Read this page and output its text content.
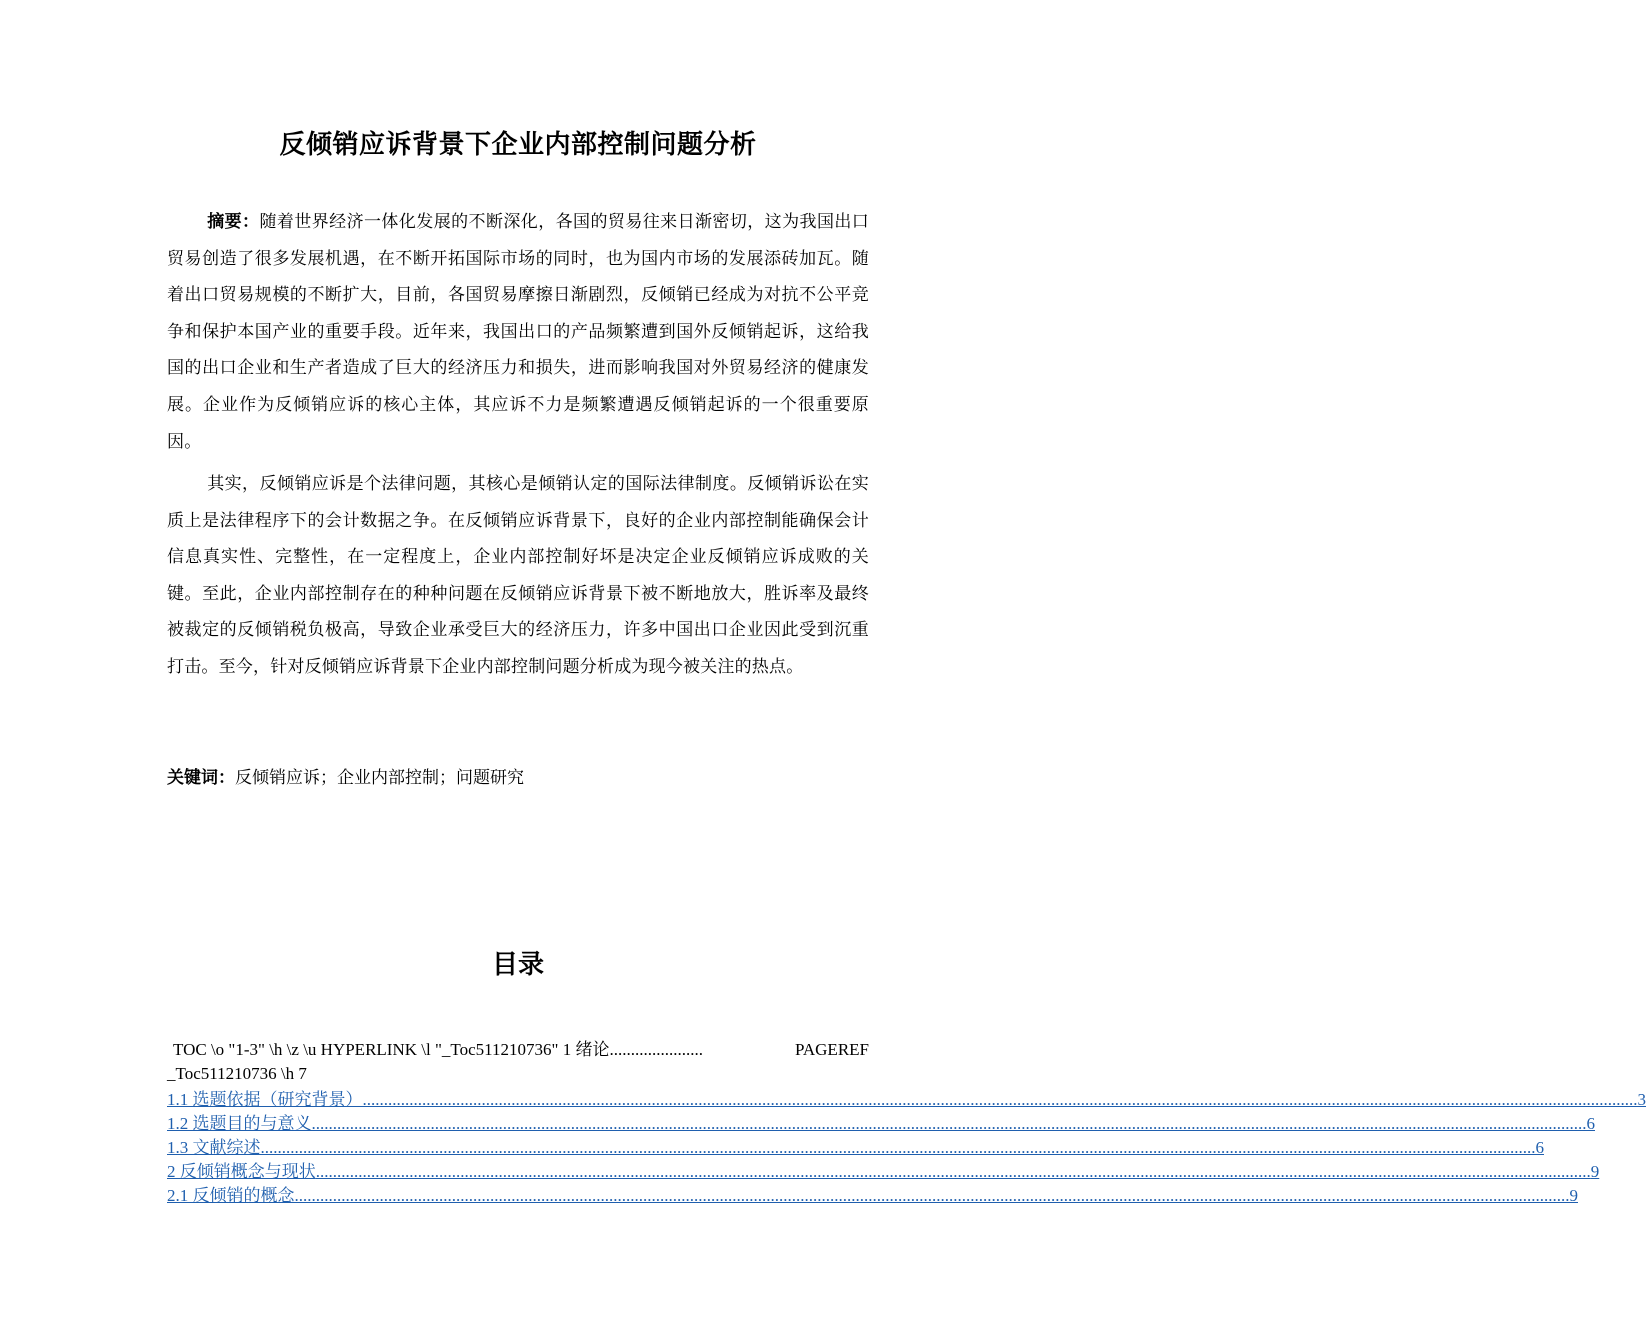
反倾销应诉背景下企业内部控制问题分析
摘要：随着世界经济一体化发展的不断深化，各国的贸易往来日渐密切，这为我国出口贸易创造了很多发展机遇，在不断开拓国际市场的同时，也为国内市场的发展添砖加瓦。随着出口贸易规模的不断扩大，目前，各国贸易摩擦日渐剧烈，反倾销已经成为对抗不公平竞争和保护本国产业的重要手段。近年来，我国出口的产品频繁遭到国外反倾销起诉，这给我国的出口企业和生产者造成了巨大的经济压力和损失，进而影响我国对外贸易经济的健康发展。企业作为反倾销应诉的核心主体，其应诉不力是频繁遭遇反倾销起诉的一个很重要原因。
其实，反倾销应诉是个法律问题，其核心是倾销认定的国际法律制度。反倾销诉讼在实质上是法律程序下的会计数据之争。在反倾销应诉背景下，良好的企业内部控制能确保会计信息真实性、完整性，在一定程度上，企业内部控制好坏是决定企业反倾销应诉成败的关键。至此，企业内部控制存在的种种问题在反倾销应诉背景下被不断地放大，胜诉率及最终被裁定的反倾销税负极高，导致企业承受巨大的经济压力，许多中国出口企业因此受到沉重打击。至今，针对反倾销应诉背景下企业内部控制问题分析成为现今被关注的热点。
关键词：反倾销应诉；企业内部控制；问题研究
目录
TOC \o "1-3" \h \z \u HYPERLINK \l "_Toc511210736" 1 绪论 ......................	PAGEREF
_Toc511210736 \h 7
1.1 选题依据（研究背景） ............................................................................................................................................................................................................................................................................................................ 3
1.2 选题目的与意义 ............................................................................................................................................................................................................................................................................................................ 6
1.3 文献综述 ............................................................................................................................................................................................................................................................................................................ 6
2 反倾销概念与现状 ............................................................................................................................................................................................................................................................................................................ 9
2.1 反倾销的概念 ............................................................................................................................................................................................................................................................................................................ 9
